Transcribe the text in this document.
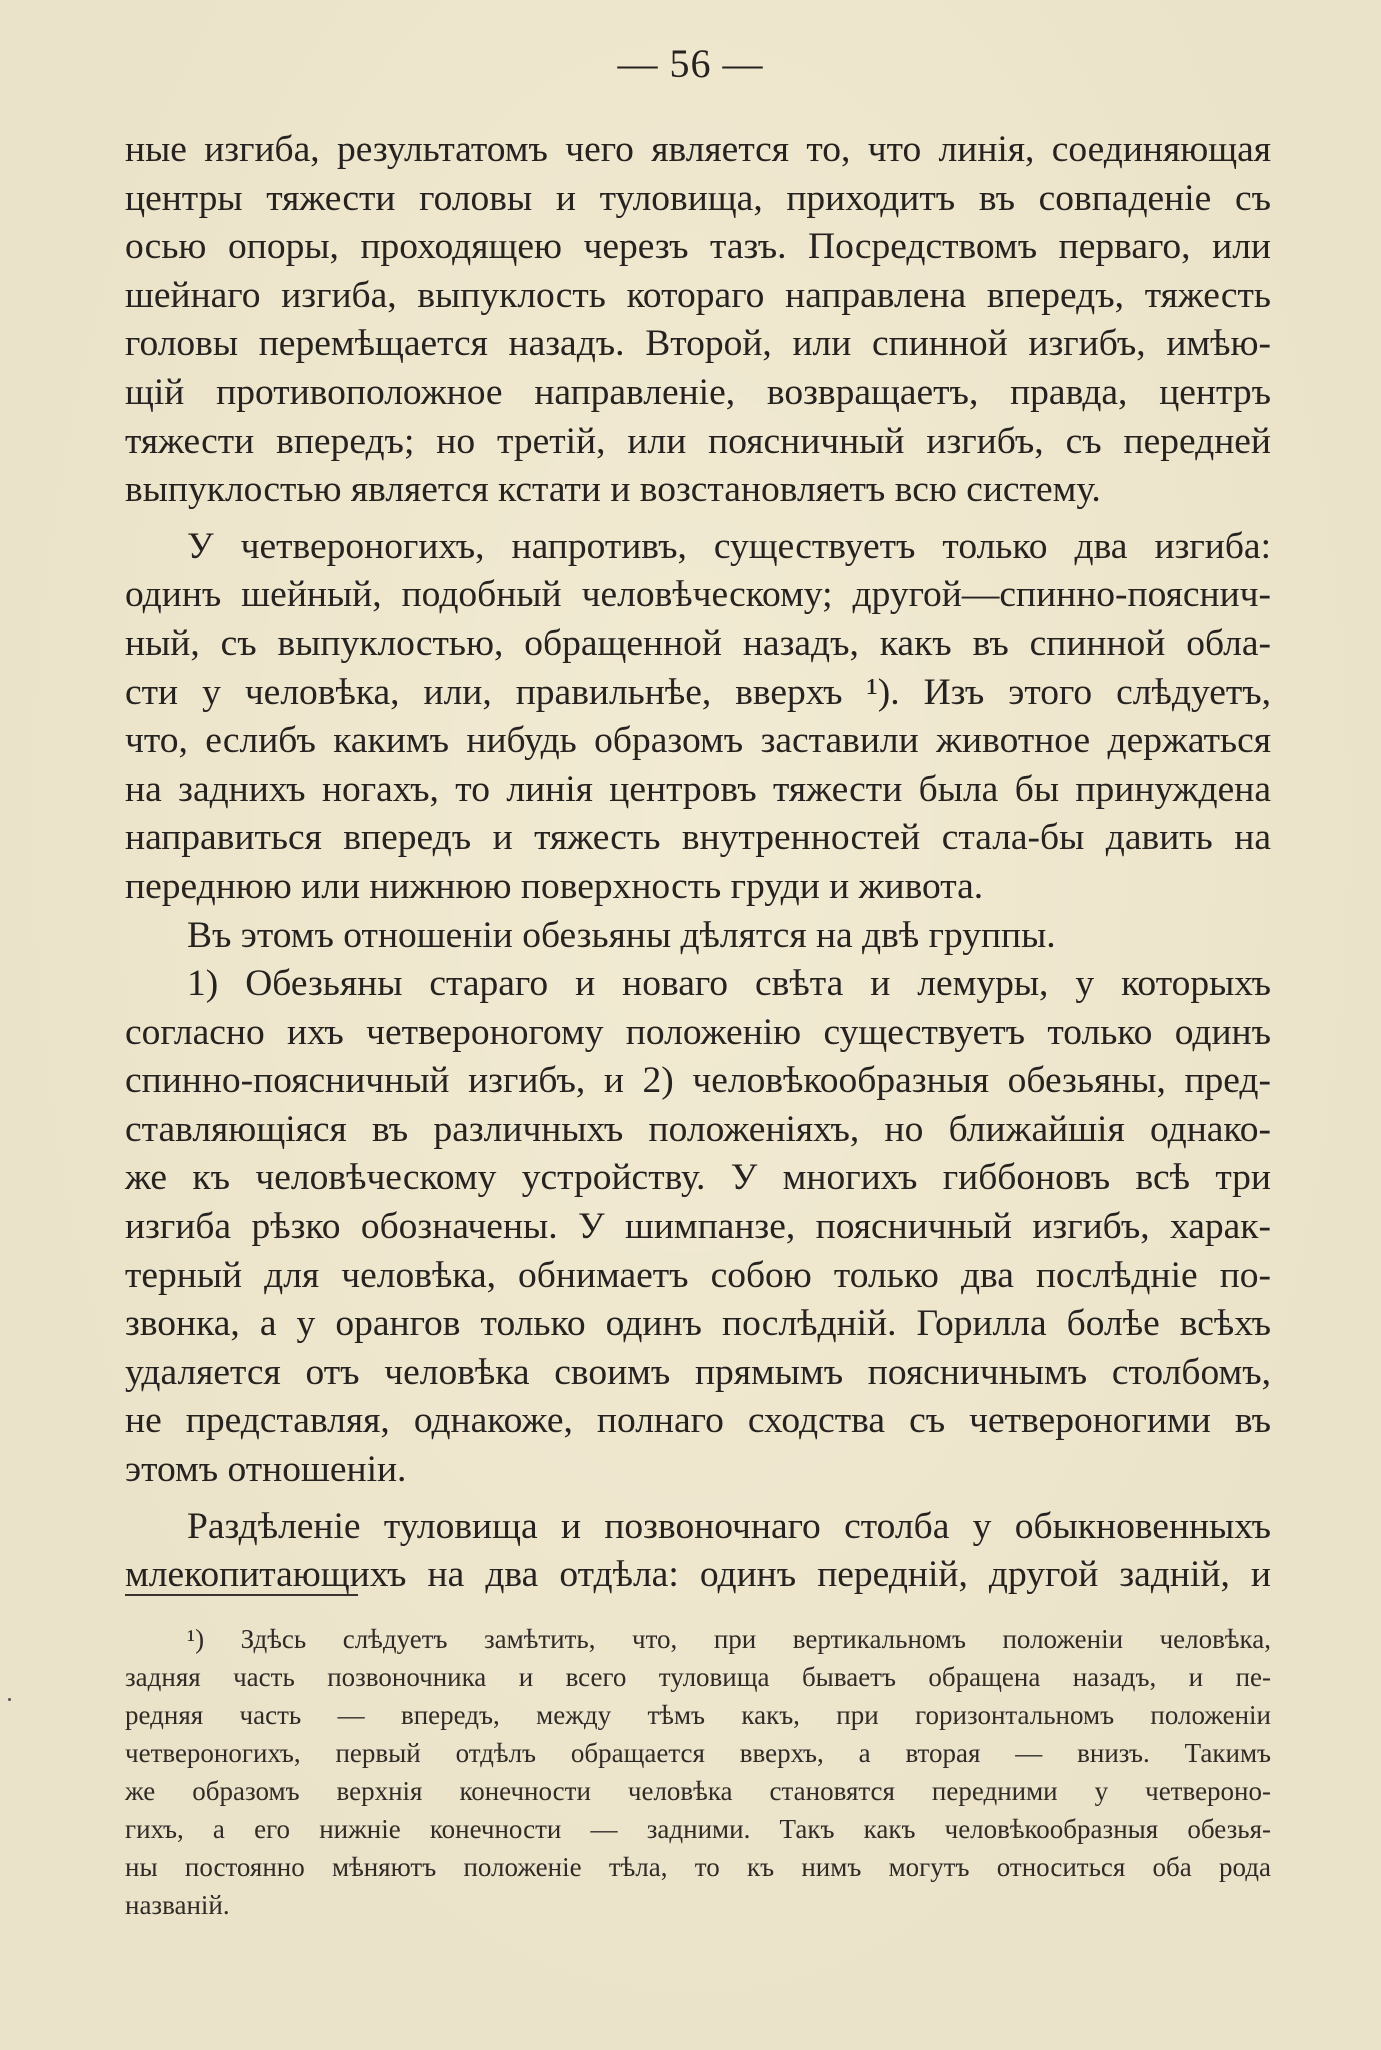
— 56 —
ные изгиба, результатомъ чего является то, что линія, соединяющая
центры тяжести головы и туловища, приходитъ въ совпаденіе съ
осью опоры, проходящею черезъ тазъ. Посредствомъ перваго, или
шейнаго изгиба, выпуклость котораго направлена впередъ, тяжесть
головы перемѣщается назадъ. Второй, или спинной изгибъ, имѣю-
щій противоположное направленіе, возвращаетъ, правда, центръ
тяжести впередъ; но третій, или поясничный изгибъ, съ передней
выпуклостью является кстати и возстановляетъ всю систему.
У четвероногихъ, напротивъ, существуетъ только два изгиба:
одинъ шейный, подобный человѣческому; другой—спинно-пояснич-
ный, съ выпуклостью, обращенной назадъ, какъ въ спинной обла-
сти у человѣка, или, правильнѣе, вверхъ ¹). Изъ этого слѣдуетъ,
что, еслибъ какимъ нибудь образомъ заставили животное держаться
на заднихъ ногахъ, то линія центровъ тяжести была бы принуждена
направиться впередъ и тяжесть внутренностей стала-бы давить на
переднюю или нижнюю поверхность груди и живота.
Въ этомъ отношеніи обезьяны дѣлятся на двѣ группы.
1) Обезьяны стараго и новаго свѣта и лемуры, у которыхъ
согласно ихъ четвероногому положенію существуетъ только одинъ
спинно-поясничный изгибъ, и 2) человѣкообразныя обезьяны, пред-
ставляющіяся въ различныхъ положеніяхъ, но ближайшія однако-
же къ человѣческому устройству. У многихъ гиббоновъ всѣ три
изгиба рѣзко обозначены. У шимпанзе, поясничный изгибъ, харак-
терный для человѣка, обнимаетъ собою только два послѣдніе по-
звонка, а у орангов только одинъ послѣдній. Горилла болѣе всѣхъ
удаляется отъ человѣка своимъ прямымъ поясничнымъ столбомъ,
не представляя, однакоже, полнаго сходства съ четвероногими въ
этомъ отношеніи.
Раздѣленіе туловища и позвоночнаго столба у обыкновенныхъ
млекопитающихъ на два отдѣла: одинъ передній, другой задній, и
¹) Здѣсь слѣдуетъ замѣтить, что, при вертикальномъ положеніи человѣка,
задняя часть позвоночника и всего туловища бываетъ обращена назадъ, и пе-
редняя часть — впередъ, между тѣмъ какъ, при горизонтальномъ положеніи
четвероногихъ, первый отдѣлъ обращается вверхъ, а вторая — внизъ. Такимъ
же образомъ верхнія конечности человѣка становятся передними у четвероно-
гихъ, а его нижніе конечности — задними. Такъ какъ человѣкообразныя обезья-
ны постоянно мѣняютъ положеніе тѣла, то къ нимъ могутъ относиться оба рода
названій.
